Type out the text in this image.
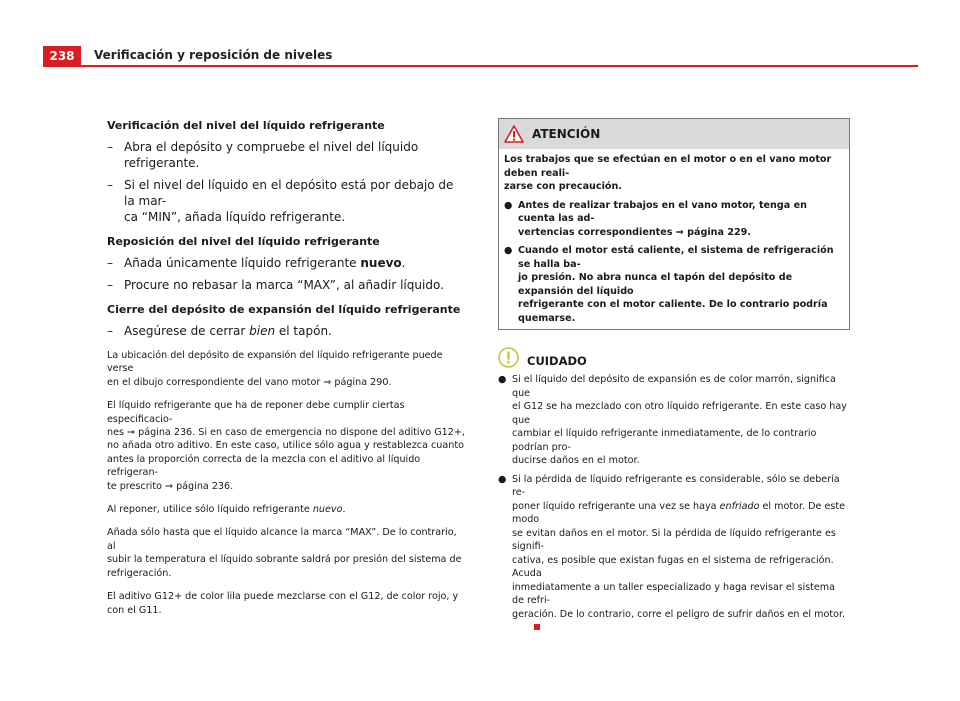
238	Verificación y reposición de niveles
Verificación del nivel del líquido refrigerante
– Abra el depósito y compruebe el nivel del líquido refrigerante.
– Si el nivel del líquido en el depósito está por debajo de la mar-
ca “MIN”, añada líquido refrigerante.
Reposición del nivel del líquido refrigerante
– Añada únicamente líquido refrigerante nuevo.
– Procure no rebasar la marca “MAX”, al añadir líquido.
Cierre del depósito de expansión del líquido refrigerante
– Asegúrese de cerrar bien el tapón.

La ubicación del depósito de expansión del líquido refrigerante puede verse
en el dibujo correspondiente del vano motor ⇒ página 290.

El líquido refrigerante que ha de reponer debe cumplir ciertas especificacio-
nes ⇒ página 236. Si en caso de emergencia no dispone del aditivo G12+,
no añada otro aditivo. En este caso, utilice sólo agua y restablezca cuanto
antes la proporción correcta de la mezcla con el aditivo al líquido refrigeran-
te prescrito ⇒ página 236.

Al reponer, utilice sólo líquido refrigerante nuevo.

Añada sólo hasta que el líquido alcance la marca “MAX”. De lo contrario, al
subir la temperatura el líquido sobrante saldrá por presión del sistema de
refrigeración.

El aditivo G12+ de color lila puede mezclarse con el G12, de color rojo, y
con el G11.

ATENCIÓN
Los trabajos que se efectúan en el motor o en el vano motor deben reali-
zarse con precaución.
● Antes de realizar trabajos en el vano motor, tenga en cuenta las ad-
vertencias correspondientes ⇒ página 229.
● Cuando el motor está caliente, el sistema de refrigeración se halla ba-
jo presión. No abra nunca el tapón del depósito de expansión del líquido
refrigerante con el motor caliente. De lo contrario podría quemarse.
CUIDADO
● Si el líquido del depósito de expansión es de color marrón, significa que
el G12 se ha mezclado con otro líquido refrigerante. En este caso hay que
cambiar el líquido refrigerante inmediatamente, de lo contrario podrían pro-
ducirse daños en el motor.
● Si la pérdida de líquido refrigerante es considerable, sólo se debería re-
poner líquido refrigerante una vez se haya enfriado el motor. De este modo
se evitan daños en el motor. Si la pérdida de líquido refrigerante es signifi-
cativa, es posible que existan fugas en el sistema de refrigeración. Acuda
inmediatamente a un taller especializado y haga revisar el sistema de refri-
geración. De lo contrario, corre el peligro de sufrir daños en el motor.
